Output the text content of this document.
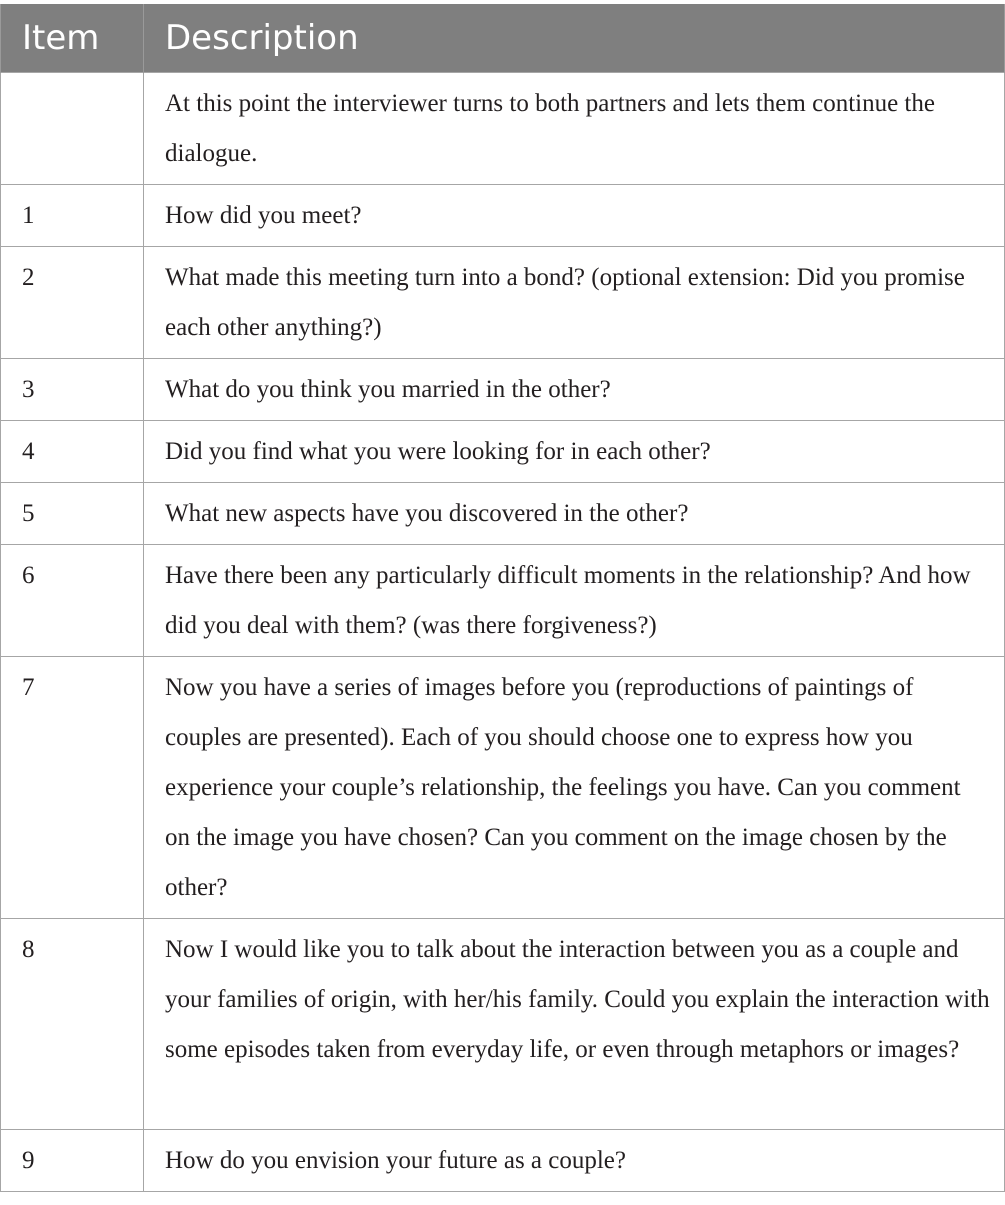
Item	Description
	At this point the interviewer turns to both partners and lets them continue the dialogue.
1	How did you meet?
2	What made this meeting turn into a bond? (optional extension: Did you promise each other anything?)
3	What do you think you married in the other?
4	Did you find what you were looking for in each other?
5	What new aspects have you discovered in the other?
6	Have there been any particularly difficult moments in the relationship? And how did you deal with them? (was there forgiveness?)
7	Now you have a series of images before you (reproductions of paintings of couples are presented). Each of you should choose one to express how you experience your couple’s relationship, the feelings you have. Can you comment on the image you have chosen? Can you comment on the image chosen by the other?
8	Now I would like you to talk about the interaction between you as a couple and your families of origin, with her/his family. Could you explain the interaction with some episodes taken from everyday life, or even through metaphors or images?
9	How do you envision your future as a couple?
